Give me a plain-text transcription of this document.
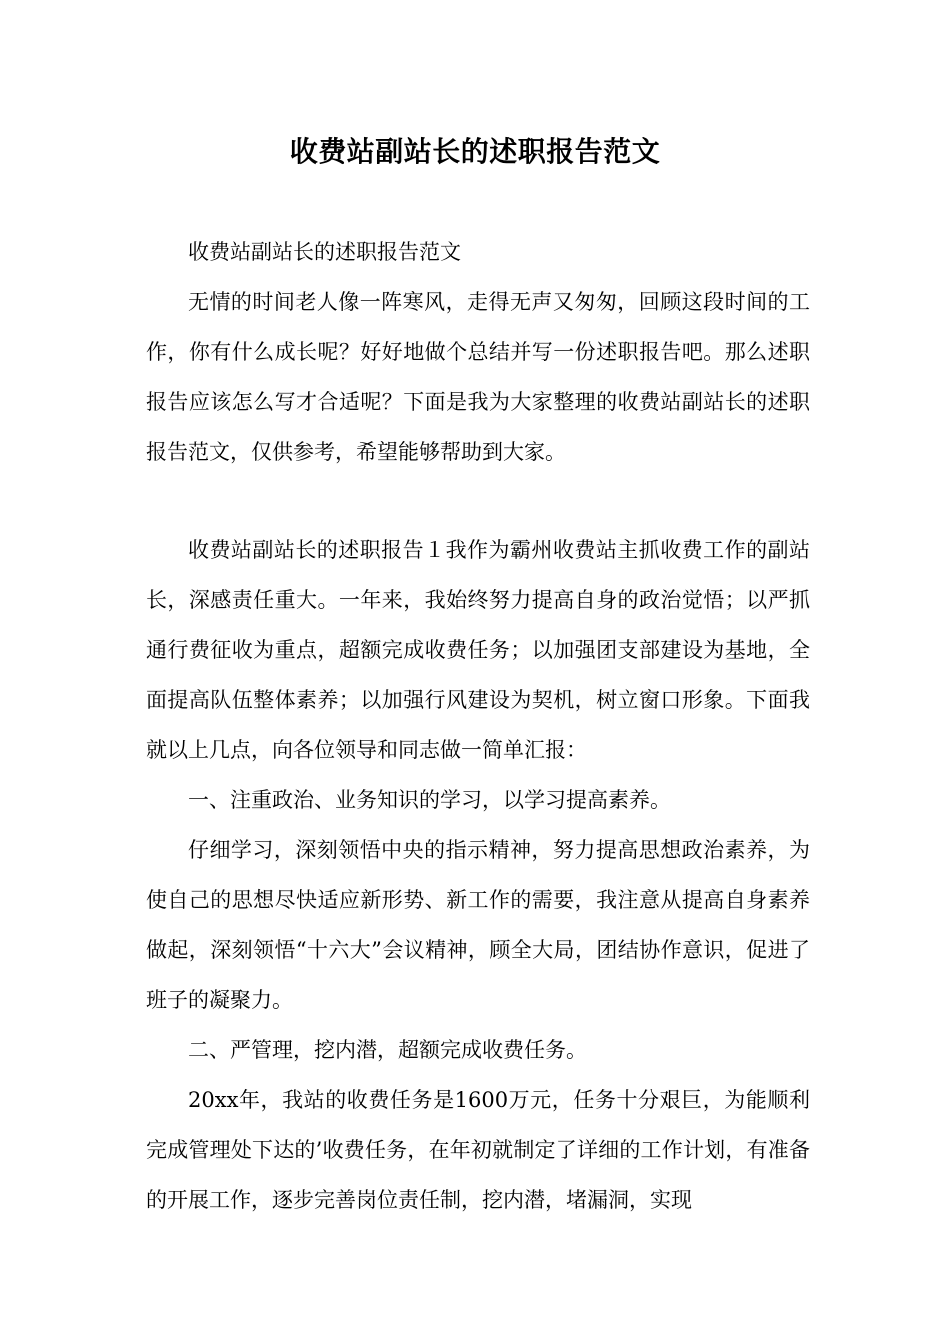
收费站副站长的述职报告范文

收费站副站长的述职报告范文

无情的时间老人像一阵寒风，走得无声又匆匆，回顾这段时间的工作，你有什么成长呢？好好地做个总结并写一份述职报告吧。那么述职报告应该怎么写才合适呢？下面是我为大家整理的收费站副站长的述职报告范文，仅供参考，希望能够帮助到大家。

收费站副站长的述职报告１我作为霸州收费站主抓收费工作的副站长，深感责任重大。一年来，我始终努力提高自身的政治觉悟；以严抓通行费征收为重点，超额完成收费任务；以加强团支部建设为基地，全面提高队伍整体素养；以加强行风建设为契机，树立窗口形象。下面我就以上几点，向各位领导和同志做一简单汇报：

一、注重政治、业务知识的学习，以学习提高素养。

仔细学习，深刻领悟中央的指示精神，努力提高思想政治素养，为使自己的思想尽快适应新形势、新工作的需要，我注意从提高自身素养做起，深刻领悟“十六大”会议精神，顾全大局，团结协作意识，促进了班子的凝聚力。

二、严管理，挖内潜，超额完成收费任务。

20xx年，我站的收费任务是1600万元，任务十分艰巨，为能顺利完成管理处下达的’收费任务，在年初就制定了详细的工作计划，有准备的开展工作，逐步完善岗位责任制，挖内潜，堵漏洞，实现
